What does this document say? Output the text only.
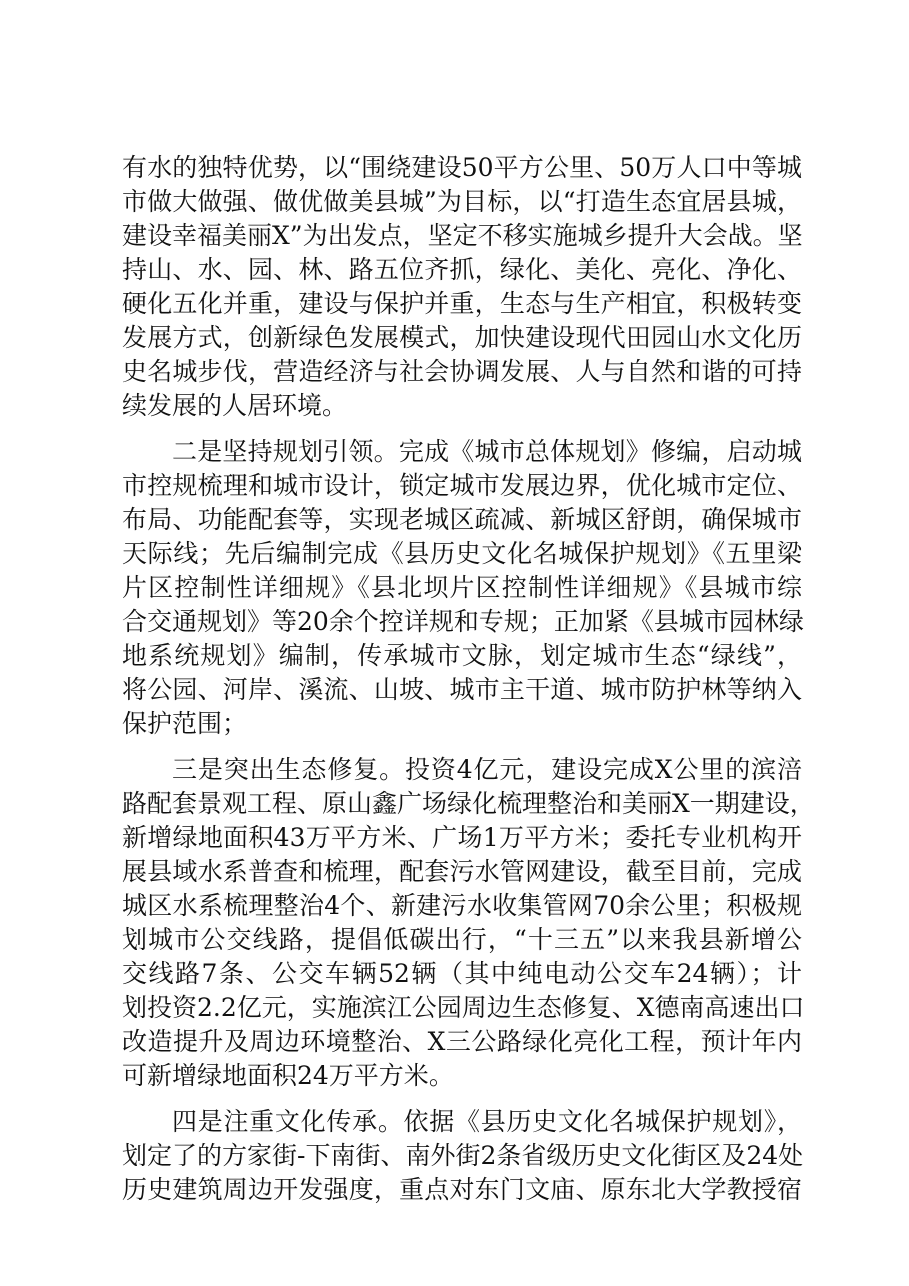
有水的独特优势，以“围绕建设50平方公里、50万人口中等城
市做大做强、做优做美县城”为目标，以“打造生态宜居县城，
建设幸福美丽X”为出发点，坚定不移实施城乡提升大会战。坚
持山、水、园、林、路五位齐抓，绿化、美化、亮化、净化、
硬化五化并重，建设与保护并重，生态与生产相宜，积极转变
发展方式，创新绿色发展模式，加快建设现代田园山水文化历
史名城步伐，营造经济与社会协调发展、人与自然和谐的可持
续发展的人居环境。
二是坚持规划引领。完成《城市总体规划》修编，启动城
市控规梳理和城市设计，锁定城市发展边界，优化城市定位、
布局、功能配套等，实现老城区疏减、新城区舒朗，确保城市
天际线；先后编制完成《县历史文化名城保护规划》《五里梁
片区控制性详细规》《县北坝片区控制性详细规》《县城市综
合交通规划》等20余个控详规和专规；正加紧《县城市园林绿
地系统规划》编制，传承城市文脉，划定城市生态“绿线”，
将公园、河岸、溪流、山坡、城市主干道、城市防护林等纳入
保护范围；
三是突出生态修复。投资4亿元，建设完成X公里的滨涪
路配套景观工程、原山鑫广场绿化梳理整治和美丽X一期建设，
新增绿地面积43万平方米、广场1万平方米；委托专业机构开
展县域水系普查和梳理，配套污水管网建设，截至目前，完成
城区水系梳理整治4个、新建污水收集管网70余公里；积极规
划城市公交线路，提倡低碳出行，“十三五”以来我县新增公
交线路7条、公交车辆52辆（其中纯电动公交车24辆）；计
划投资2.2亿元，实施滨江公园周边生态修复、X德南高速出口
改造提升及周边环境整治、X三公路绿化亮化工程，预计年内
可新增绿地面积24万平方米。
四是注重文化传承。依据《县历史文化名城保护规划》，
划定了的方家街-下南街、南外街2条省级历史文化街区及24处
历史建筑周边开发强度，重点对东门文庙、原东北大学教授宿
